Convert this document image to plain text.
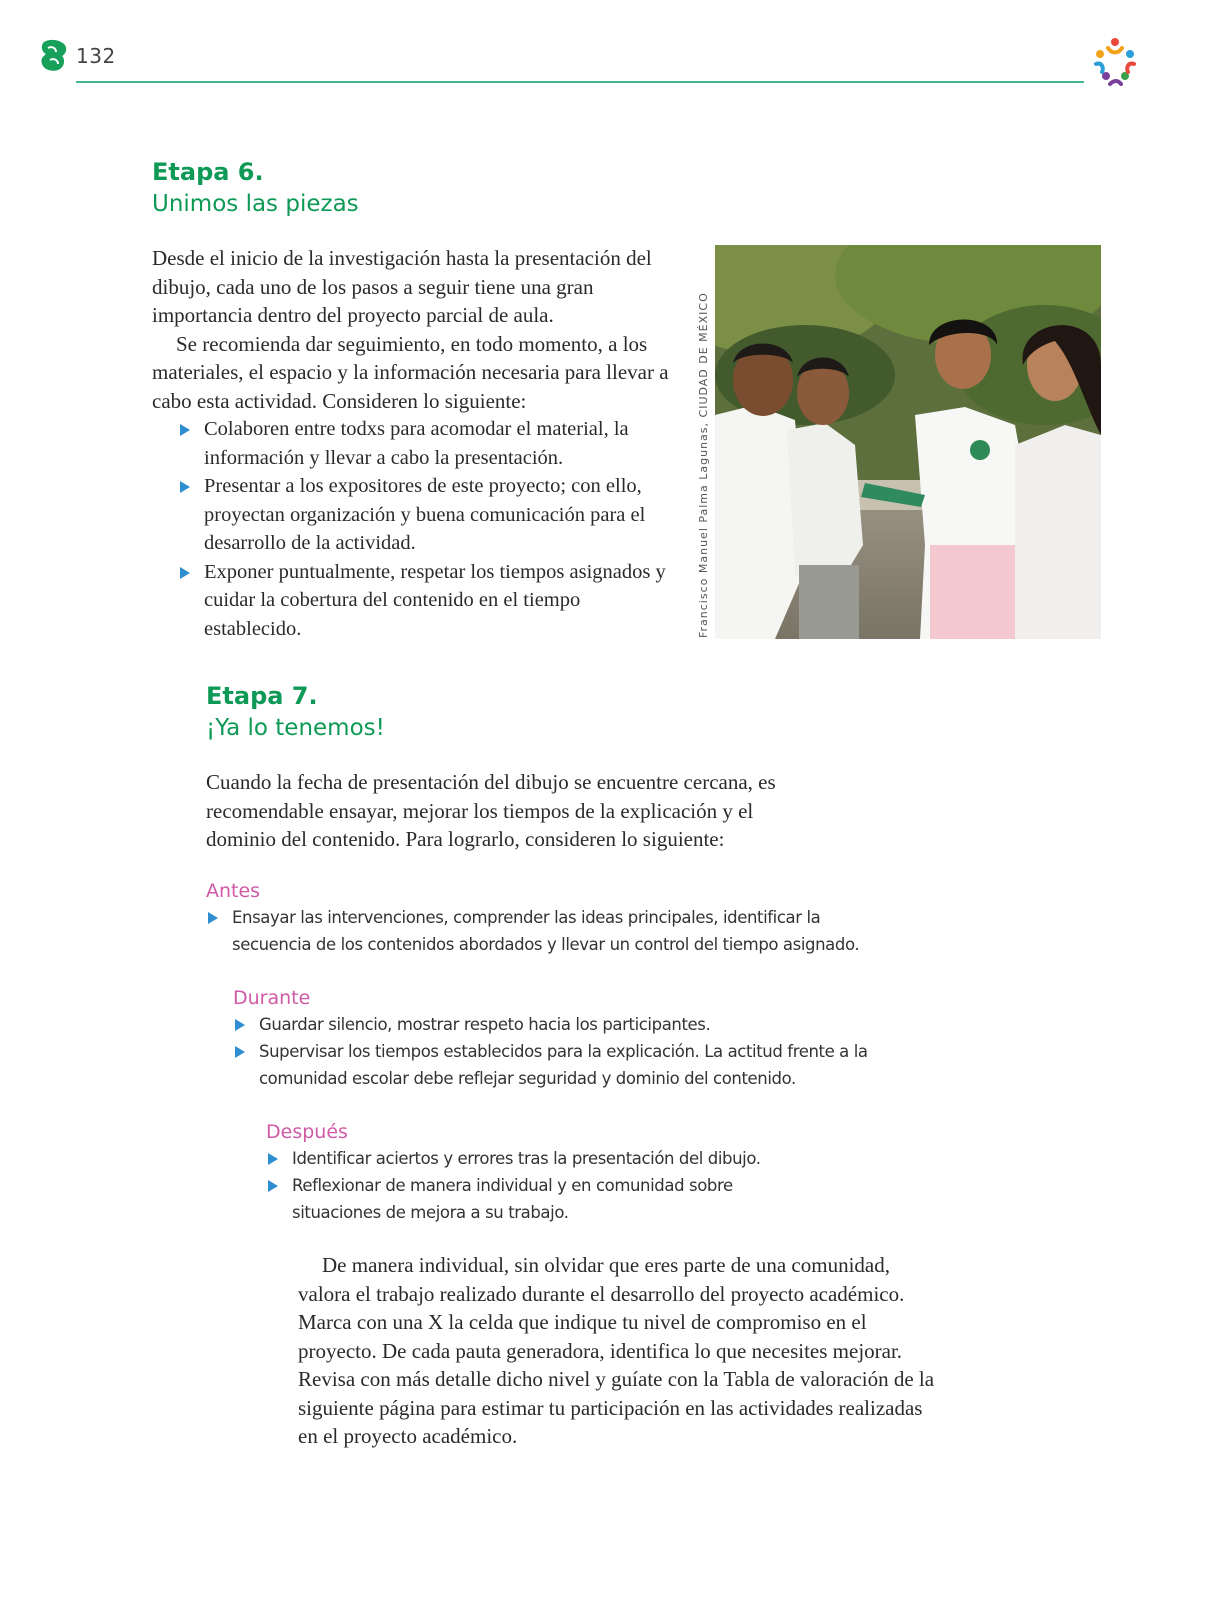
132
Etapa 6.
Unimos las piezas
Desde el inicio de la investigación hasta la presentación del dibujo, cada uno de los pasos a seguir tiene una gran importancia dentro del proyecto parcial de aula.
Se recomienda dar seguimiento, en todo momento, a los materiales, el espacio y la información necesaria para llevar a cabo esta actividad. Consideren lo siguiente:
Colaboren entre todxs para acomodar el material, la información y llevar a cabo la presentación.
Presentar a los expositores de este proyecto; con ello, proyectan organización y buena comunicación para el desarrollo de la actividad.
Exponer puntualmente, respetar los tiempos asignados y cuidar la cobertura del contenido en el tiempo establecido.	Francisco Manuel Palma Lagunas, CIUDAD DE MÉXICO
Etapa 7.
¡Ya lo tenemos!
Cuando la fecha de presentación del dibujo se encuentre cercana, es recomendable ensayar, mejorar los tiempos de la explicación y el dominio del contenido. Para lograrlo, consideren lo siguiente:
Antes
Ensayar las intervenciones, comprender las ideas principales, identificar la secuencia de los contenidos abordados y llevar un control del tiempo asignado.
Durante
Guardar silencio, mostrar respeto hacia los participantes.
Supervisar los tiempos establecidos para la explicación. La actitud frente a la comunidad escolar debe reflejar seguridad y dominio del contenido.
Después
Identificar aciertos y errores tras la presentación del dibujo.
Reflexionar de manera individual y en comunidad sobre situaciones de mejora a su trabajo.
De manera individual, sin olvidar que eres parte de una comunidad, valora el trabajo realizado durante el desarrollo del proyecto académico. Marca con una X la celda que indique tu nivel de compromiso en el proyecto. De cada pauta generadora, identifica lo que necesites mejorar. Revisa con más detalle dicho nivel y guíate con la Tabla de valoración de la siguiente página para estimar tu participación en las actividades realizadas en el proyecto académico.
